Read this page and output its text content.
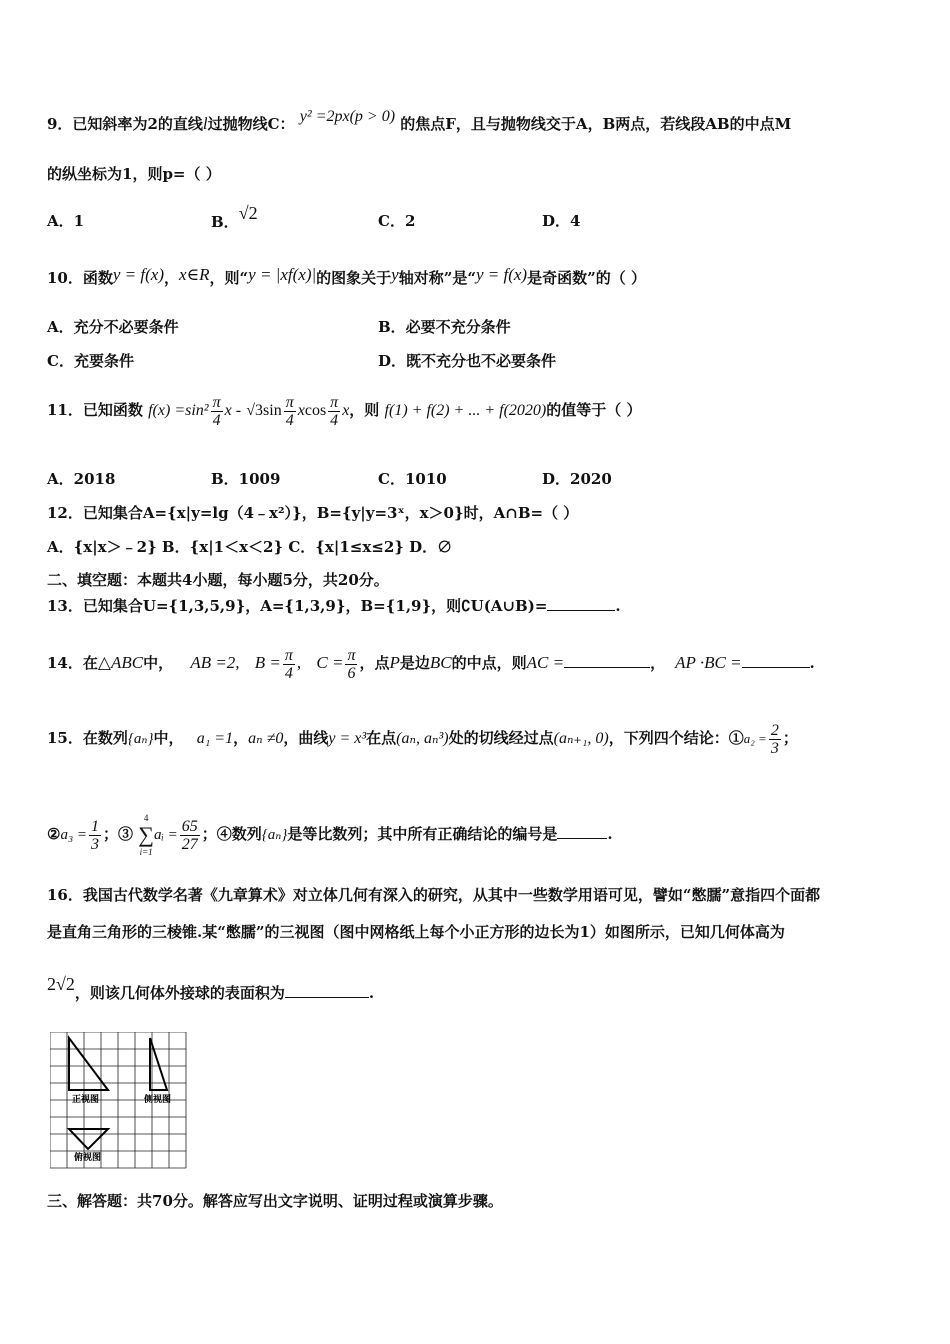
9．已知斜率为2的直线l过抛物线C： y² =2px(p > 0) 的焦点F，且与抛物线交于A，B两点，若线段AB的中点M
的纵坐标为1，则p=（ ）
A．1	B．√2	C．2	D．4
10．函数y = f(x)，x∈R，则“y = |xf(x)|的图象关于y轴对称”是“y = f(x)是奇函数”的（ ）
A．充分不必要条件	B．必要不充分条件
C．充要条件	D．既不充分也不必要条件
11．已知函数 $f(x) =\sin^2 \frac{\pi}{4}$ x - $√3\sin \frac{\pi}{4}$ xcos $\frac{\pi}{4}$ x，则 f(1) + f(2) + ... + f(2020)的值等于（ ）
A．2018	B．1009	C．1010	D．2020
12．已知集合A={x|y=lg（4﹣x²）}，B={y|y=3ˣ，x＞0}时，A∩B=（ ）
A．{x|x＞﹣2} B．{x|1＜x＜2} C．{x|1≤x≤2} D．∅
二、填空题：本题共4小题，每小题5分，共20分。
13．已知集合U={1,3,5,9}，A={1,3,9}，B={1,9}，则∁U(A∪B)=	.
14．在△ABC中， AB =2, $B = \frac{\pi}{4}$ , $C = \frac{\pi}{6}$ ，点P是边BC的中点，则AC =	， AP ·BC =	.
15．在数列{aₙ}中， a₁ =1，aₙ ≠0，曲线y = x³在点(aₙ, aₙ³)处的切线经过点(aₙ₊₁, 0)，下列四个结论：①a₂ = $\frac{2}{3}$ ；
②a₃ = $\frac{1}{3}$ ；③
4
∑
i=1
aᵢ = $\frac{65}{27}$ ；④数列{aₙ}是等比数列；其中所有正确结论的编号是	.
16．我国古代数学名著《九章算术》对立体几何有深入的研究，从其中一些数学用语可见，譬如“憋臑”意指四个面都
是直角三角形的三棱锥.某“憋臑”的三视图（图中网格纸上每个小正方形的边长为1）如图所示，已知几何体高为
2√2，则该几何体外接球的表面积为	.
正视图	侧视图
俯视图
三、解答题：共70分。解答应写出文字说明、证明过程或演算步骤。
